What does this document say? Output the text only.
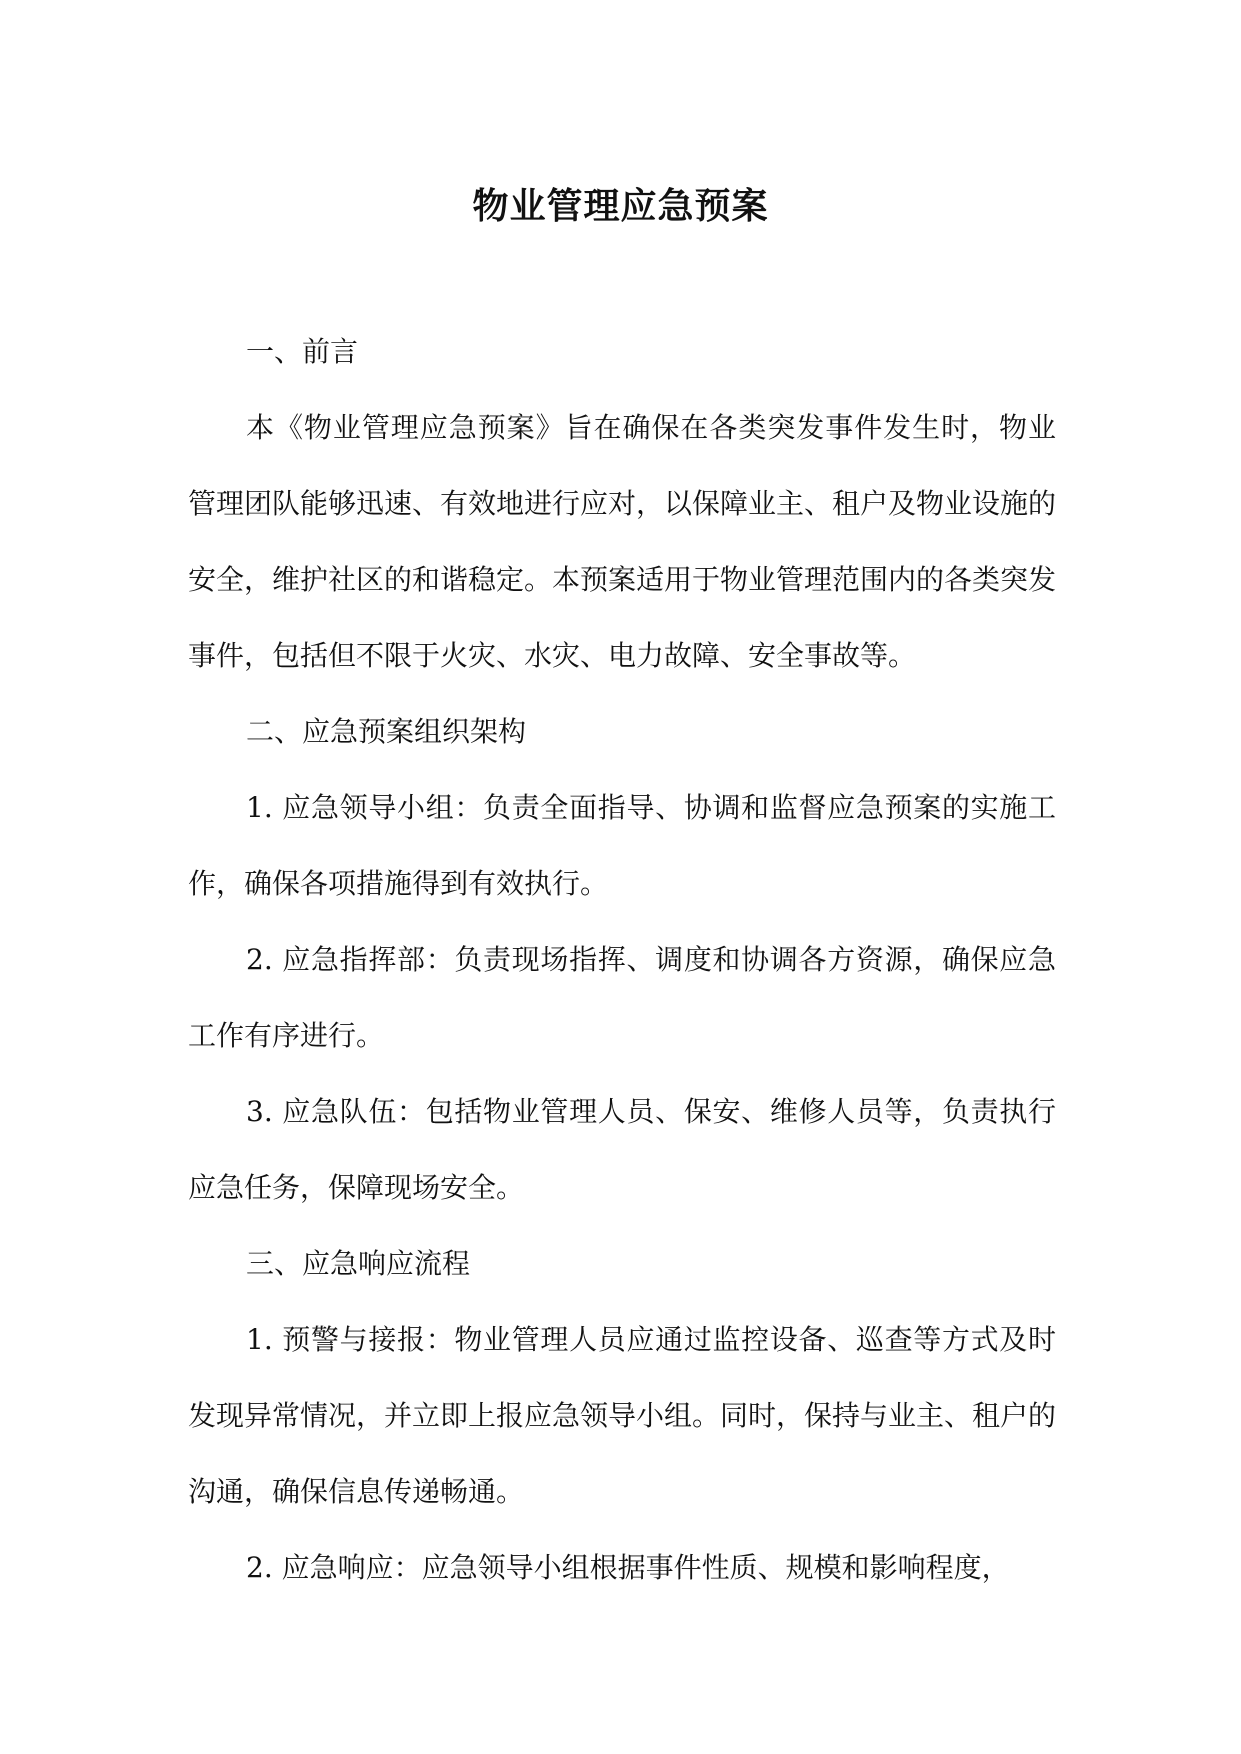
物业管理应急预案

一、前言

本《物业管理应急预案》旨在确保在各类突发事件发生时，物业管理团队能够迅速、有效地进行应对，以保障业主、租户及物业设施的安全，维护社区的和谐稳定。本预案适用于物业管理范围内的各类突发事件，包括但不限于火灾、水灾、电力故障、安全事故等。

二、应急预案组织架构

1. 应急领导小组：负责全面指导、协调和监督应急预案的实施工作，确保各项措施得到有效执行。

2. 应急指挥部：负责现场指挥、调度和协调各方资源，确保应急工作有序进行。

3. 应急队伍：包括物业管理人员、保安、维修人员等，负责执行应急任务，保障现场安全。

三、应急响应流程

1. 预警与接报：物业管理人员应通过监控设备、巡查等方式及时发现异常情况，并立即上报应急领导小组。同时，保持与业主、租户的沟通，确保信息传递畅通。

2. 应急响应：应急领导小组根据事件性质、规模和影响程度，
